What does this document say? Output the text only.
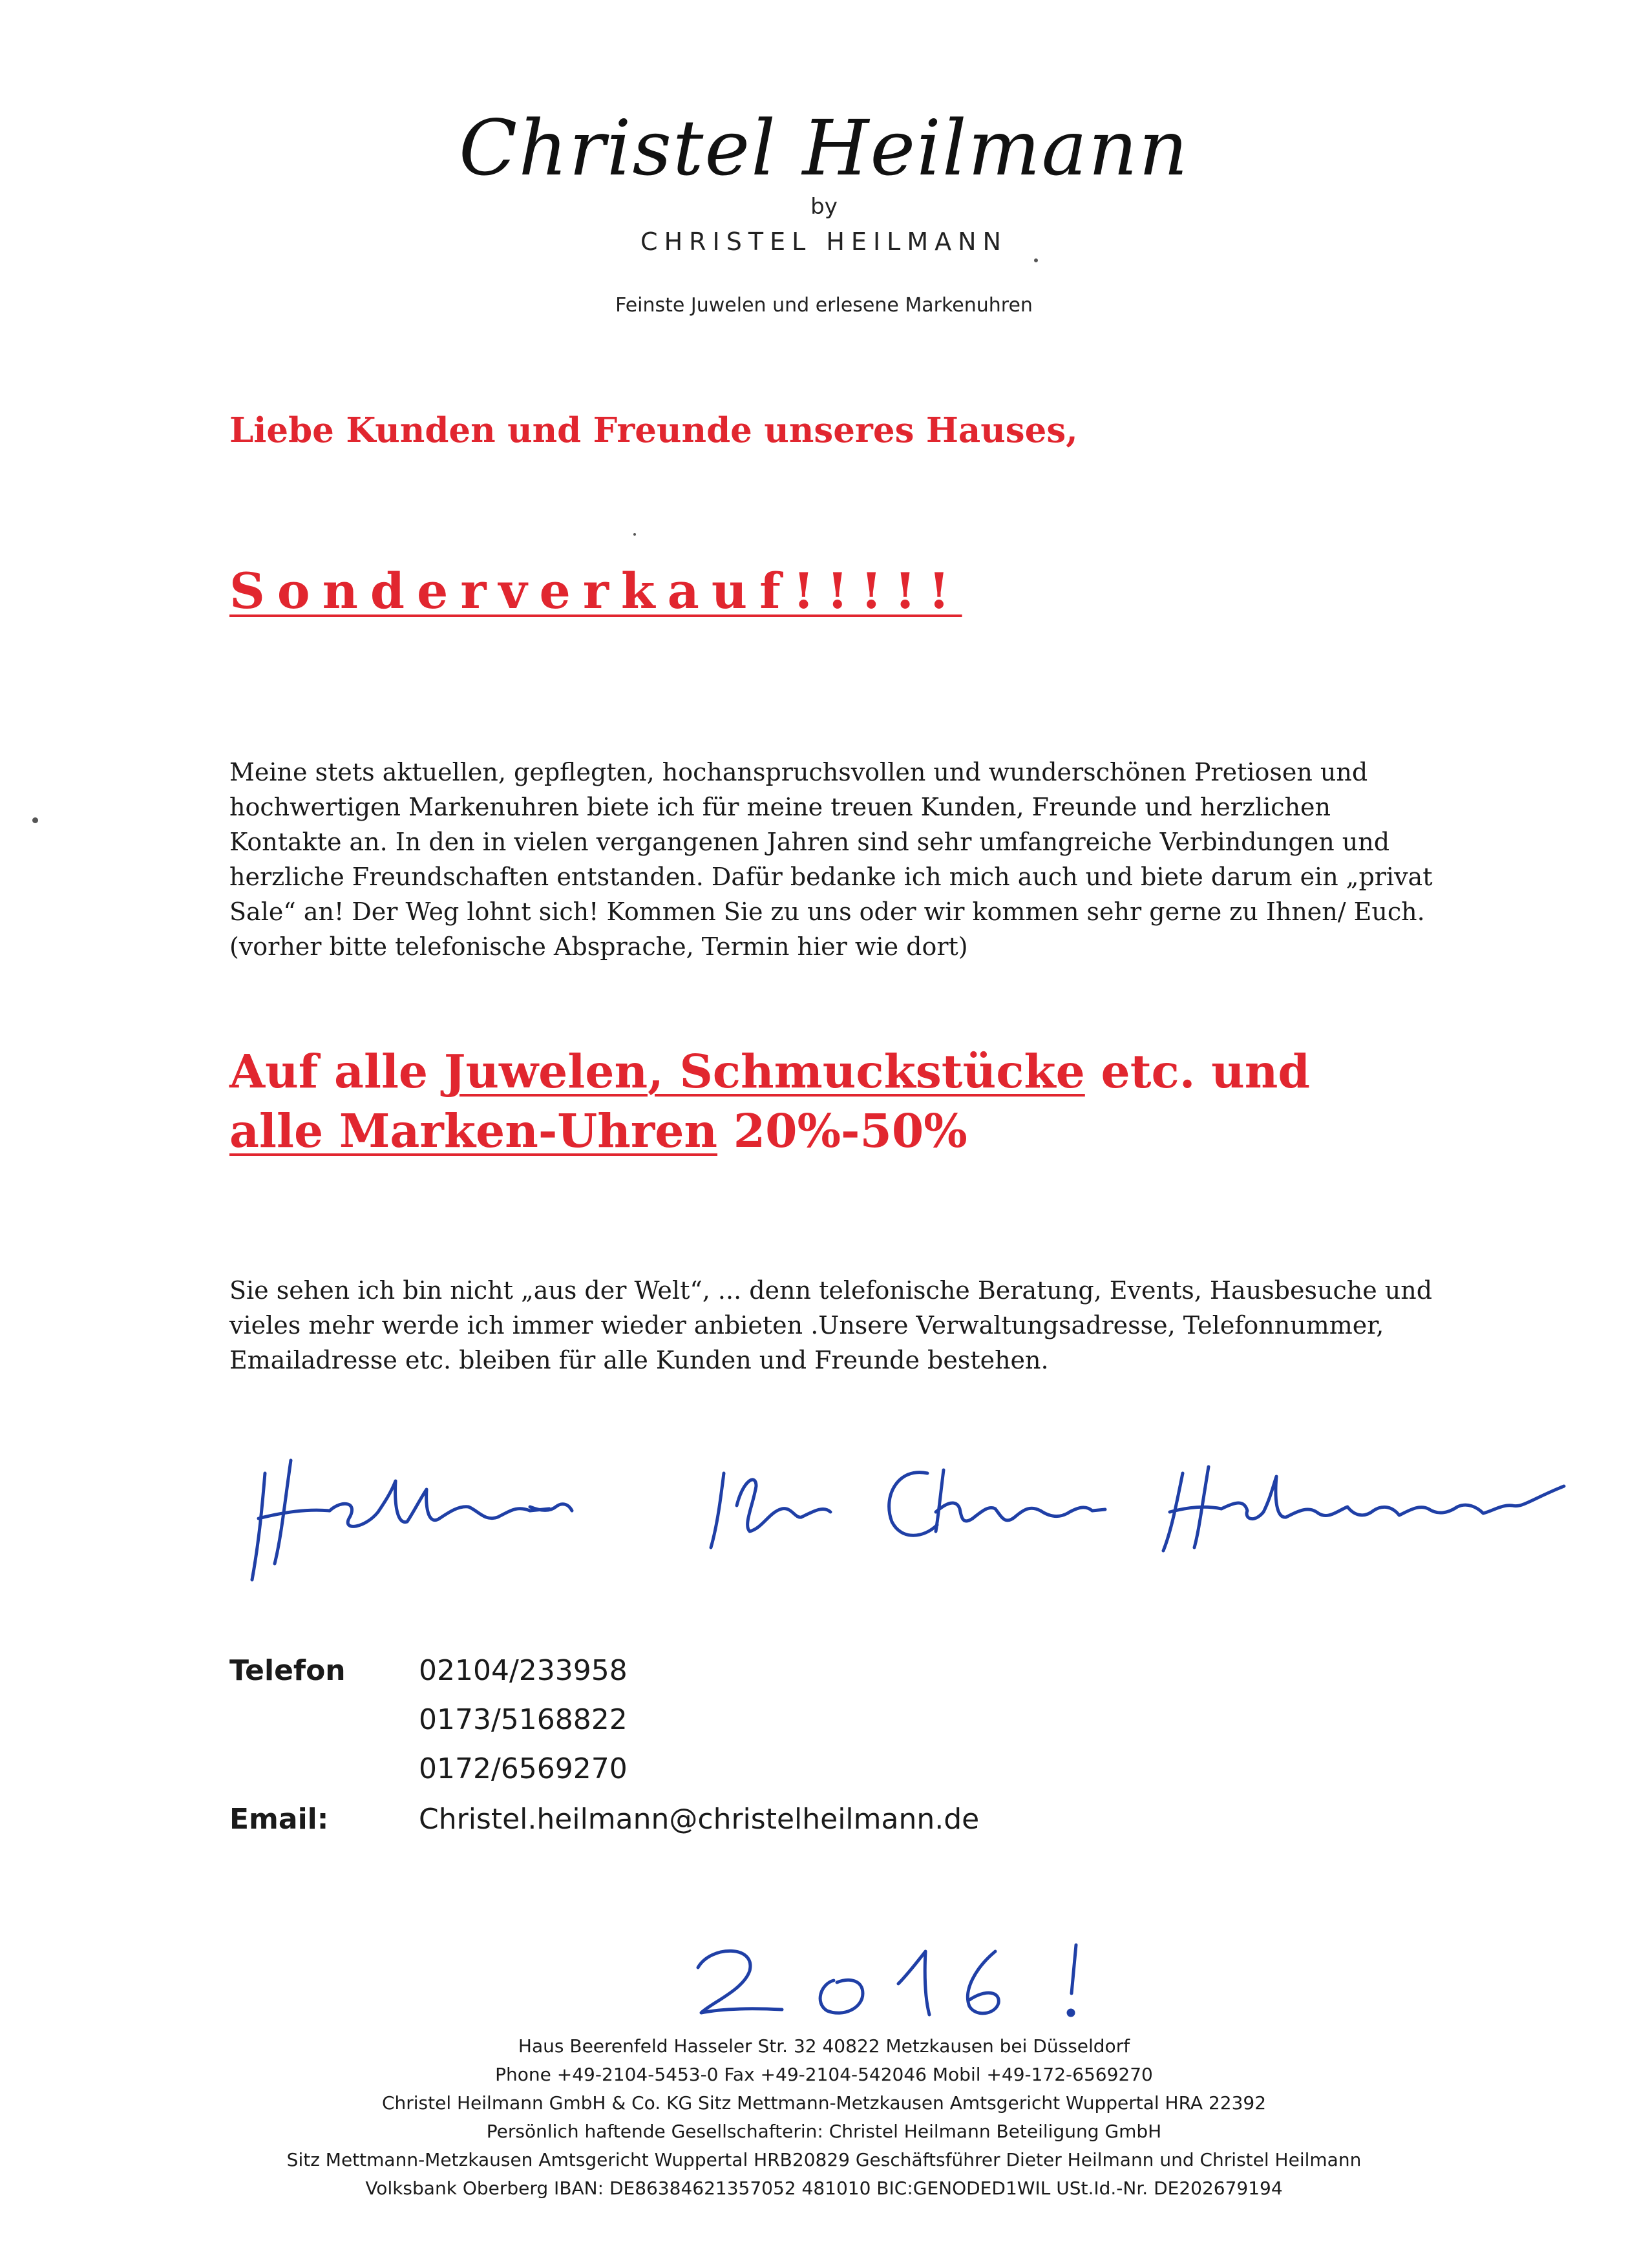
Christel Heilmann
by
CHRISTEL HEILMANN
Feinste Juwelen und erlesene Markenuhren
Liebe Kunden und Freunde unseres Hauses,
Sonderverkauf!!!!!
Meine stets aktuellen, gepflegten, hochanspruchsvollen und wunderschönen Pretiosen und
hochwertigen Markenuhren biete ich für meine treuen Kunden, Freunde und herzlichen
Kontakte an. In den in vielen vergangenen Jahren sind sehr umfangreiche Verbindungen und
herzliche Freundschaften entstanden. Dafür bedanke ich mich auch und biete darum ein „privat
Sale“ an! Der Weg lohnt sich! Kommen Sie zu uns oder wir kommen sehr gerne zu Ihnen/ Euch.
(vorher bitte telefonische Absprache, Termin hier wie dort)
Auf alle Juwelen, Schmuckstücke etc. und
alle Marken-Uhren 20%-50%
Sie sehen ich bin nicht „aus der Welt“, ... denn telefonische Beratung, Events, Hausbesuche und
vieles mehr werde ich immer wieder anbieten .Unsere Verwaltungsadresse, Telefonnummer,
Emailadresse etc. bleiben für alle Kunden und Freunde bestehen.
Telefon	02104/233958
0173/5168822
0172/6569270
Email:	Christel.heilmann@christelheilmann.de
Haus Beerenfeld Hasseler Str. 32 40822 Metzkausen bei Düsseldorf
Phone +49-2104-5453-0 Fax +49-2104-542046 Mobil +49-172-6569270
Christel Heilmann GmbH & Co. KG Sitz Mettmann-Metzkausen Amtsgericht Wuppertal HRA 22392
Persönlich haftende Gesellschafterin: Christel Heilmann Beteiligung GmbH
Sitz Mettmann-Metzkausen Amtsgericht Wuppertal HRB20829 Geschäftsführer Dieter Heilmann und Christel Heilmann
Volksbank Oberberg IBAN: DE86384621357052 481010 BIC:GENODED1WIL USt.Id.-Nr. DE202679194
